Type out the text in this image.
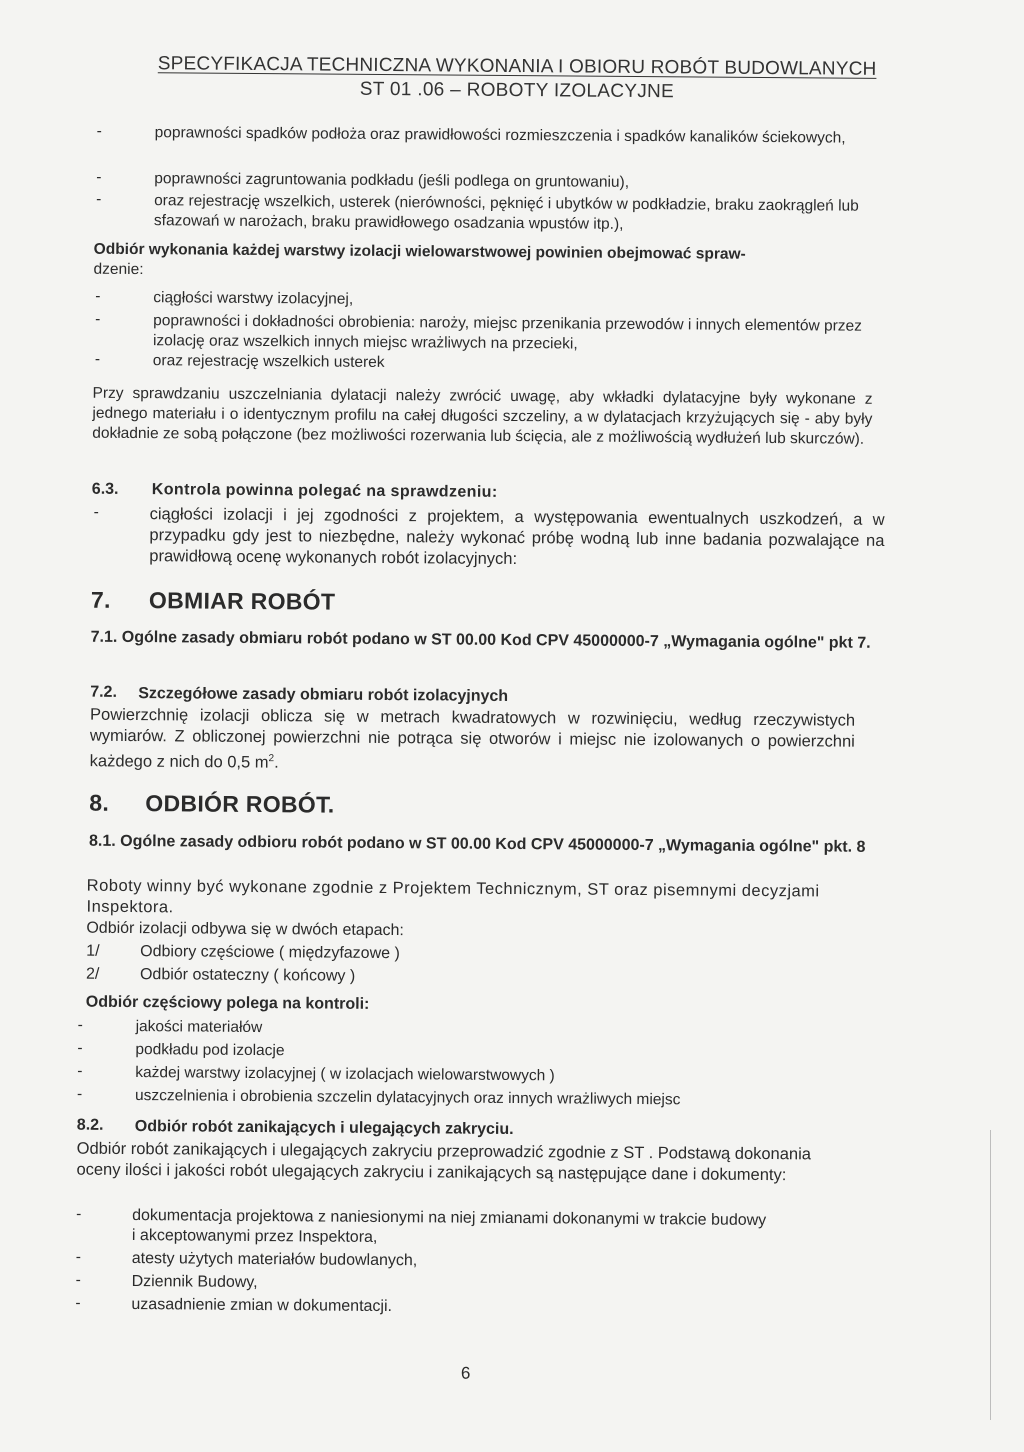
SPECYFIKACJA TECHNICZNA WYKONANIA I OBIORU ROBÓT BUDOWLANYCH
ST 01 .06 – ROBOTY IZOLACYJNE
-	poprawności spadków podłoża oraz prawidłowości rozmieszczenia i spadków kanalików ściekowych,
-	poprawności zagruntowania podkładu (jeśli podlega on gruntowaniu),
-	oraz rejestrację wszelkich, usterek (nierówności, pęknięć i ubytków w podkładzie, braku zaokrągleń lub sfazowań w narożach, braku prawidłowego osadzania wpustów itp.),
Odbiór wykonania każdej warstwy izolacji wielowarstwowej powinien obejmować spraw-
dzenie:
-	ciągłości warstwy izolacyjnej,
-	poprawności i dokładności obrobienia: naroży, miejsc przenikania przewodów i innych elementów przez izolację oraz wszelkich innych miejsc wrażliwych na przecieki,
-	oraz rejestrację wszelkich usterek
Przy sprawdzaniu uszczelniania dylatacji należy zwrócić uwagę, aby wkładki dylatacyjne były wykonane z jednego materiału i o identycznym profilu na całej długości szczeliny, a w dylatacjach krzyżujących się - aby były dokładnie ze sobą połączone (bez możliwości rozerwania lub ścięcia, ale z możliwością wydłużeń lub skurczów).
6.3. Kontrola powinna polegać na sprawdzeniu:
-	ciągłości izolacji i jej zgodności z projektem, a występowania ewentualnych uszkodzeń, a w przypadku gdy jest to niezbędne, należy wykonać próbę wodną lub inne badania pozwalające na prawidłową ocenę wykonanych robót izolacyjnych:
7. OBMIAR ROBÓT
7.1. Ogólne zasady obmiaru robót podano w ST 00.00 Kod CPV 45000000-7 „Wymagania ogólne" pkt 7.
7.2. Szczegółowe zasady obmiaru robót izolacyjnych
Powierzchnię izolacji oblicza się w metrach kwadratowych w rozwinięciu, według rzeczywistych wymiarów. Z obliczonej powierzchni nie potrąca się otworów i miejsc nie izolowanych o powierzchni każdego z nich do 0,5 $m^2$.
8. ODBIÓR ROBÓT.
8.1. Ogólne zasady odbioru robót podano w ST 00.00 Kod CPV 45000000-7 „Wymagania ogólne" pkt. 8
Roboty winny być wykonane zgodnie z Projektem Technicznym, ST oraz pisemnymi decyzjami Inspektora.
Odbiór izolacji odbywa się w dwóch etapach:
1/	Odbiory częściowe ( międzyfazowe )
2/	Odbiór ostateczny ( końcowy )
Odbiór częściowy polega na kontroli:
-	jakości materiałów
-	podkładu pod izolacje
-	każdej warstwy izolacyjnej ( w izolacjach wielowarstwowych )
-	uszczelnienia i obrobienia szczelin dylatacyjnych oraz innych wrażliwych miejsc
8.2. Odbiór robót zanikających i ulegających zakryciu.
Odbiór robót zanikających i ulegających zakryciu przeprowadzić zgodnie z ST . Podstawą dokonania oceny ilości i jakości robót ulegających zakryciu i zanikających są następujące dane i dokumenty:
-	dokumentacja projektowa z naniesionymi na niej zmianami dokonanymi w trakcie budowy i akceptowanymi przez Inspektora,
-	atesty użytych materiałów budowlanych,
-	Dziennik Budowy,
-	uzasadnienie zmian w dokumentacji.
6
